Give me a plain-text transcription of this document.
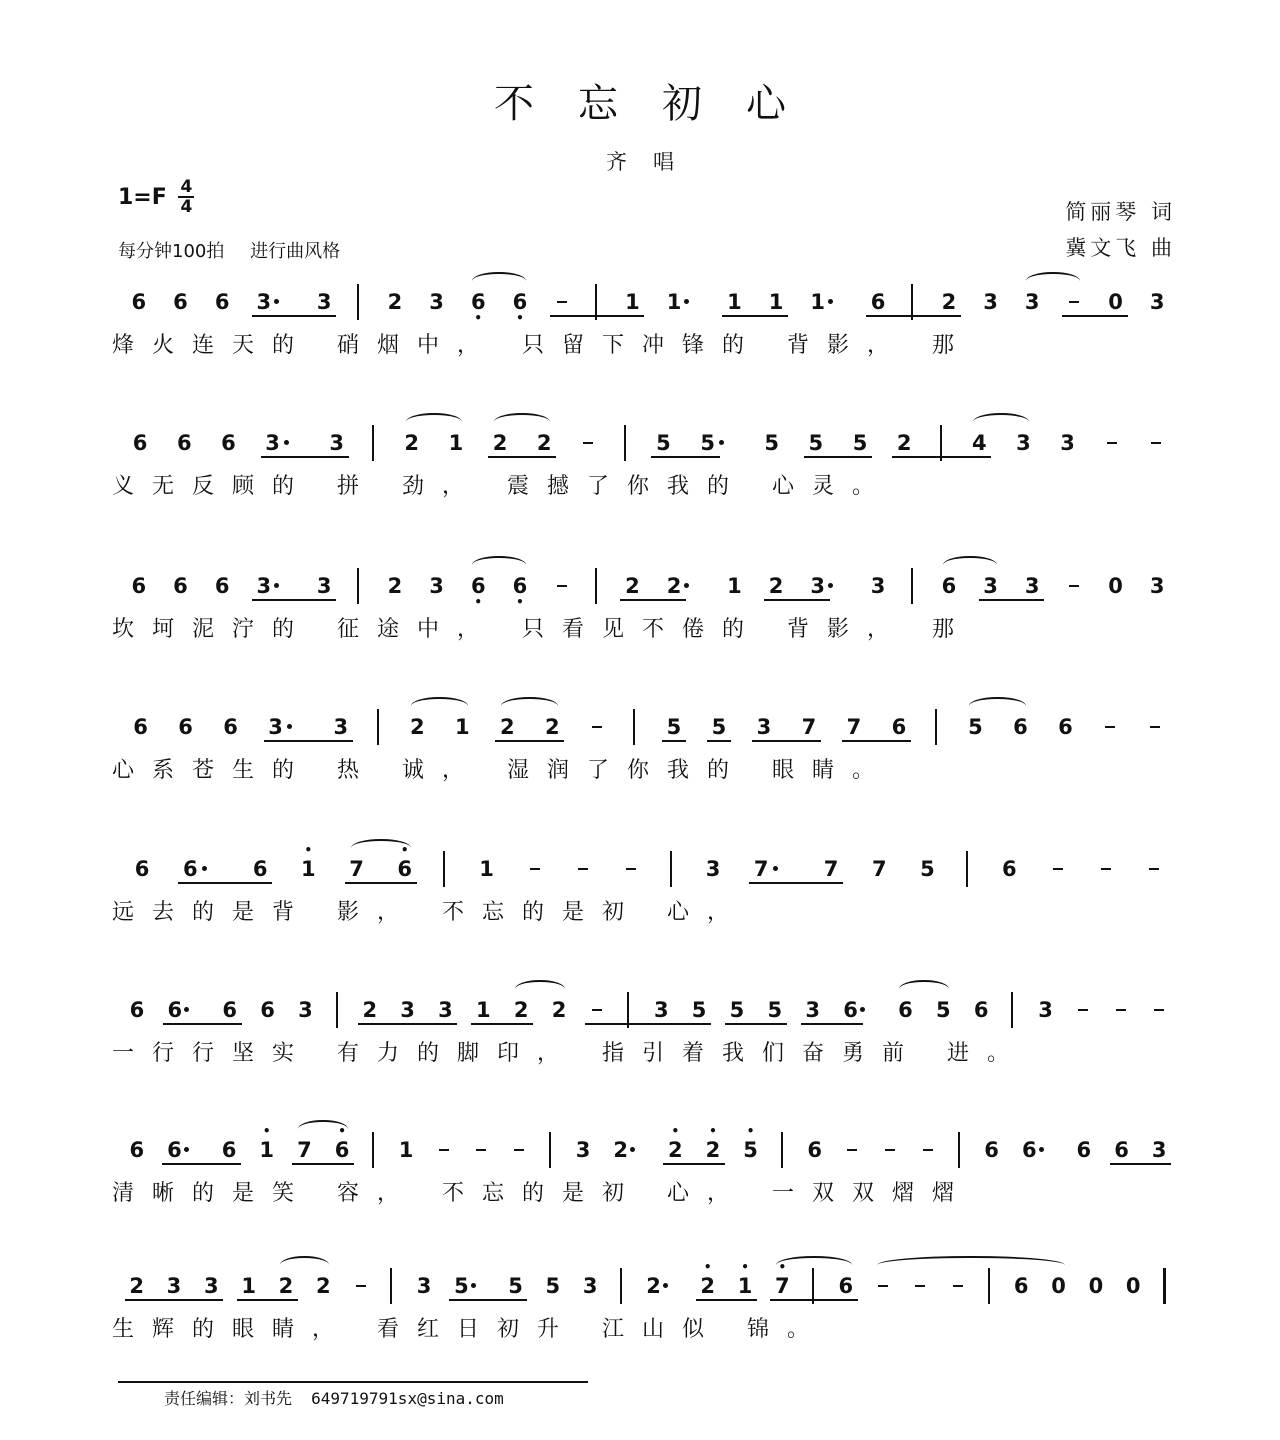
不忘初心
齐唱
$1=F \frac{4}{4}$
每分钟100拍 进行曲风格
简丽琴 词
冀文飞 曲
6 6 6 3 3	2 3 6 • 6 •	1 1 1 1 1 6	2 3 3	0 3
烽火连天的 硝烟中， 只留下冲锋的 背影， 那
6 6 6 3 3	2 1 2 2	5 5 5 5 5 2	4 3 3
义无反顾的 拼 劲， 震撼了你我的 心灵。
6 6 6 3 3	2 3 6 • 6 •	2 2 1 2 3 3	6 3 3	0 3
坎坷泥泞的 征途中， 只看见不倦的 背影， 那
6 6 6 3 3	2 1 2 2	5 5 3 7 7 6	5 6 6
心系苍生的 热 诚， 湿润了你我的 眼睛。
6 6	6 • 1 7 • 6	1	3 7	7 7 5	6
远去的是背 影， 不忘的是初 心，
6 6 6 6 3 2 3 3 1 2 2	3 5 5 5 3 6 6 5 6 3
一行行坚实 有力的脚印， 指引着我们奋勇前 进。
6 6 6 • 1 7 • 6 1	3 2 • 2 • 2 • 5 6	6 6 6 6 3
清晰的是笑 容， 不忘的是初 心， 一双双熠熠
2 3 3 1 2 2	3 5 5 5 3 2 • 2 • 1 • 7 6	6 0 0 0
生辉的眼睛， 看红日初升 江山似 锦。
责任编辑：刘书先 649719791sx@sina.com
